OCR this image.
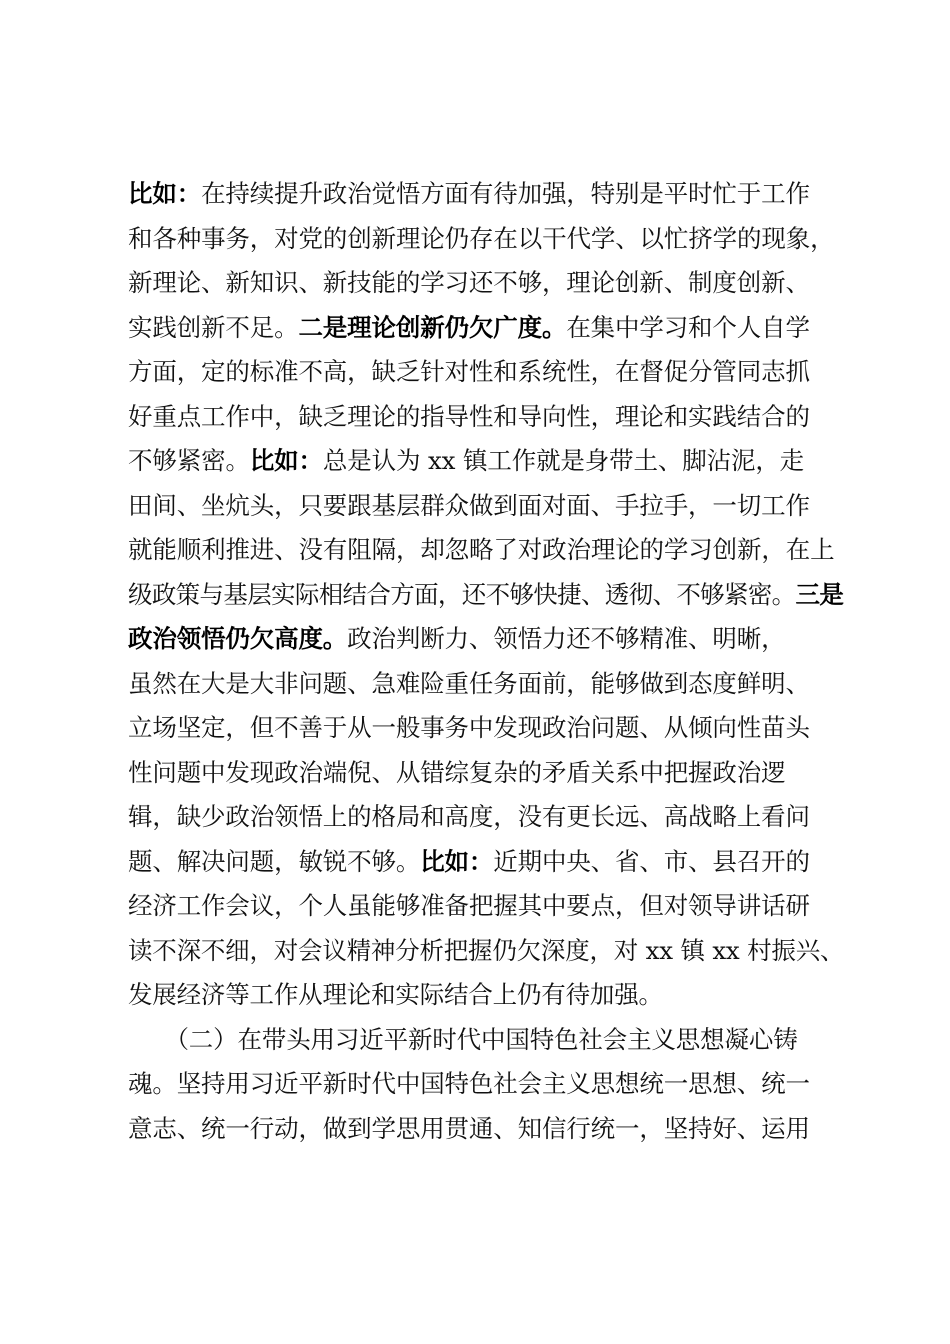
比如：在持续提升政治觉悟方面有待加强，特别是平时忙于工作
和各种事务，对党的创新理论仍存在以干代学、以忙挤学的现象，
新理论、新知识、新技能的学习还不够，理论创新、制度创新、
实践创新不足。二是理论创新仍欠广度。在集中学习和个人自学
方面，定的标准不高，缺乏针对性和系统性，在督促分管同志抓
好重点工作中，缺乏理论的指导性和导向性，理论和实践结合的
不够紧密。比如：总是认为 xx 镇工作就是身带土、脚沾泥，走
田间、坐炕头，只要跟基层群众做到面对面、手拉手，一切工作
就能顺利推进、没有阻隔，却忽略了对政治理论的学习创新，在上
级政策与基层实际相结合方面，还不够快捷、透彻、不够紧密。三是
政治领悟仍欠高度。政治判断力、领悟力还不够精准、明晰，
虽然在大是大非问题、急难险重任务面前，能够做到态度鲜明、
立场坚定，但不善于从一般事务中发现政治问题、从倾向性苗头
性问题中发现政治端倪、从错综复杂的矛盾关系中把握政治逻
辑，缺少政治领悟上的格局和高度，没有更长远、高战略上看问
题、解决问题，敏锐不够。比如：近期中央、省、市、县召开的
经济工作会议，个人虽能够准备把握其中要点，但对领导讲话研
读不深不细，对会议精神分析把握仍欠深度，对 xx 镇 xx 村振兴、
发展经济等工作从理论和实际结合上仍有待加强。
　　（二）在带头用习近平新时代中国特色社会主义思想凝心铸
魂。坚持用习近平新时代中国特色社会主义思想统一思想、统一
意志、统一行动，做到学思用贯通、知信行统一，坚持好、运用
